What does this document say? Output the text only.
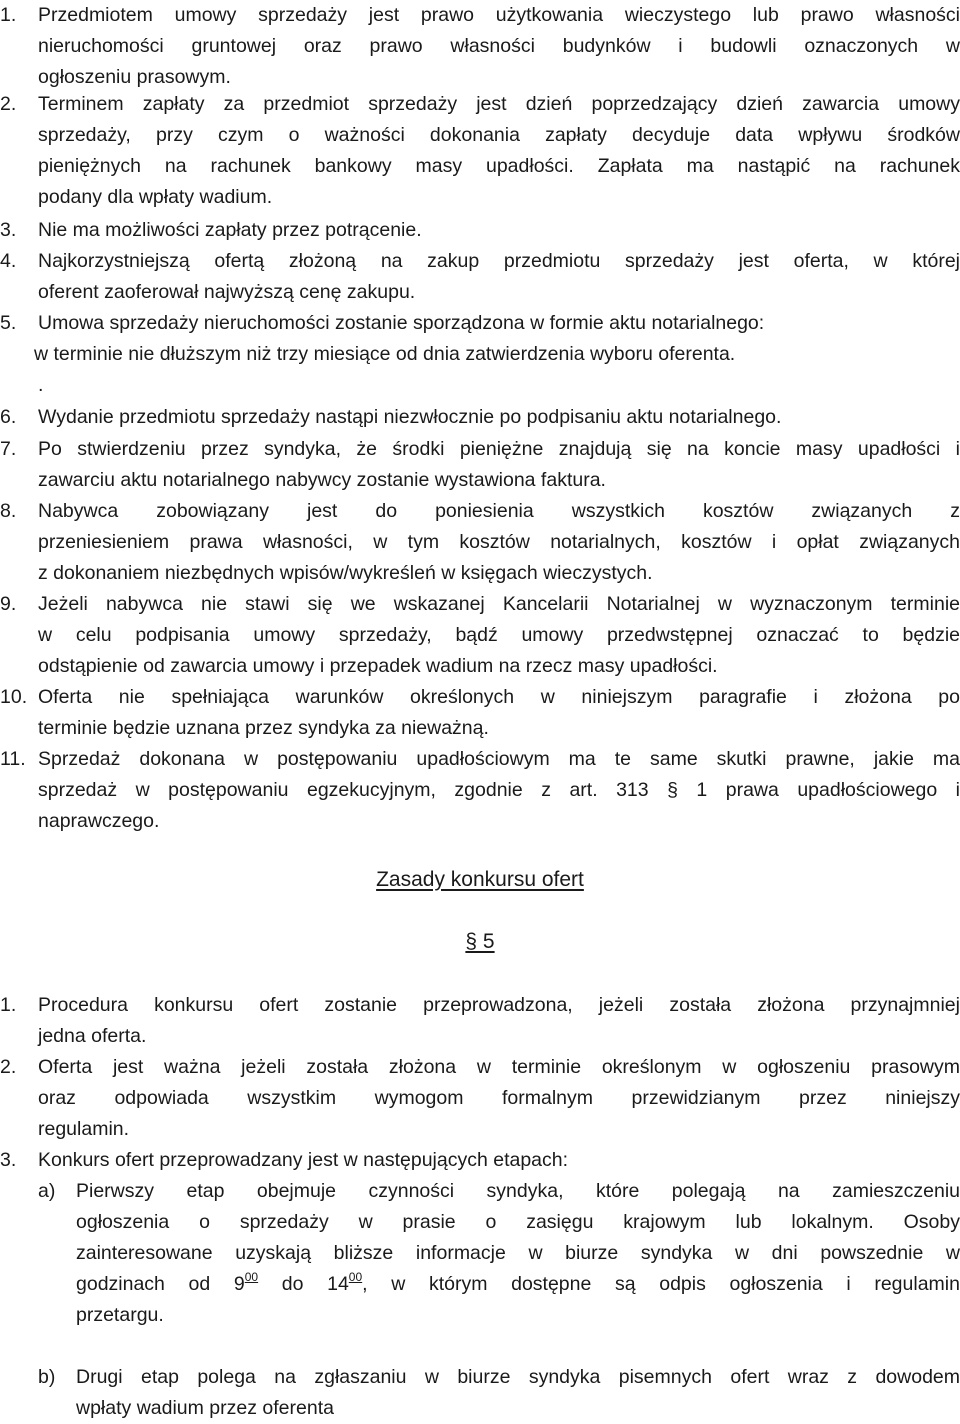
1. Przedmiotem umowy sprzedaży jest prawo użytkowania wieczystego lub prawo własności
nieruchomości gruntowej oraz prawo własności budynków i budowli oznaczonych w
ogłoszeniu prasowym.
2. Terminem zapłaty za przedmiot sprzedaży jest dzień poprzedzający dzień zawarcia umowy
sprzedaży, przy czym o ważności dokonania zapłaty decyduje data wpływu środków
pieniężnych na rachunek bankowy masy upadłości. Zapłata ma nastąpić na rachunek
podany dla wpłaty wadium.
3. Nie ma możliwości zapłaty przez potrącenie.
4. Najkorzystniejszą ofertą złożoną na zakup przedmiotu sprzedaży jest oferta, w której
oferent zaoferował najwyższą cenę zakupu.
5. Umowa sprzedaży nieruchomości zostanie sporządzona w formie aktu notarialnego:
w terminie nie dłuższym niż trzy miesiące od dnia zatwierdzenia wyboru oferenta.
.
6. Wydanie przedmiotu sprzedaży nastąpi niezwłocznie po podpisaniu aktu notarialnego.
7. Po stwierdzeniu przez syndyka, że środki pieniężne znajdują się na koncie masy upadłości i
zawarciu aktu notarialnego nabywcy zostanie wystawiona faktura.
8. Nabywca zobowiązany jest do poniesienia wszystkich kosztów związanych z
przeniesieniem prawa własności, w tym kosztów notarialnych, kosztów i opłat związanych
z dokonaniem niezbędnych wpisów/wykreśleń w księgach wieczystych.
9. Jeżeli nabywca nie stawi się we wskazanej Kancelarii Notarialnej w wyznaczonym terminie
w celu podpisania umowy sprzedaży, bądź umowy przedwstępnej oznaczać to będzie
odstąpienie od zawarcia umowy i przepadek wadium na rzecz masy upadłości.
10. Oferta nie spełniająca warunków określonych w niniejszym paragrafie i złożona po
terminie będzie uznana przez syndyka za nieważną.
11. Sprzedaż dokonana w postępowaniu upadłościowym ma te same skutki prawne, jakie ma
sprzedaż w postępowaniu egzekucyjnym, zgodnie z art. 313 § 1 prawa upadłościowego i
naprawczego.
Zasady konkursu ofert
§ 5
1. Procedura konkursu ofert zostanie przeprowadzona, jeżeli została złożona przynajmniej
jedna oferta.
2. Oferta jest ważna jeżeli została złożona w terminie określonym w ogłoszeniu prasowym
oraz odpowiada wszystkim wymogom formalnym przewidzianym przez niniejszy
regulamin.
3. Konkurs ofert przeprowadzany jest w następujących etapach:
a) Pierwszy etap obejmuje czynności syndyka, które polegają na zamieszczeniu
ogłoszenia o sprzedaży w prasie o zasięgu krajowym lub lokalnym. Osoby
zainteresowane uzyskają bliższe informacje w biurze syndyka w dni powszednie w
godzinach od $9^{00}$ do $14^{00}$, w którym dostępne są odpis ogłoszenia i regulamin
przetargu.
b) Drugi etap polega na zgłaszaniu w biurze syndyka pisemnych ofert wraz z dowodem
wpłaty wadium przez oferenta
